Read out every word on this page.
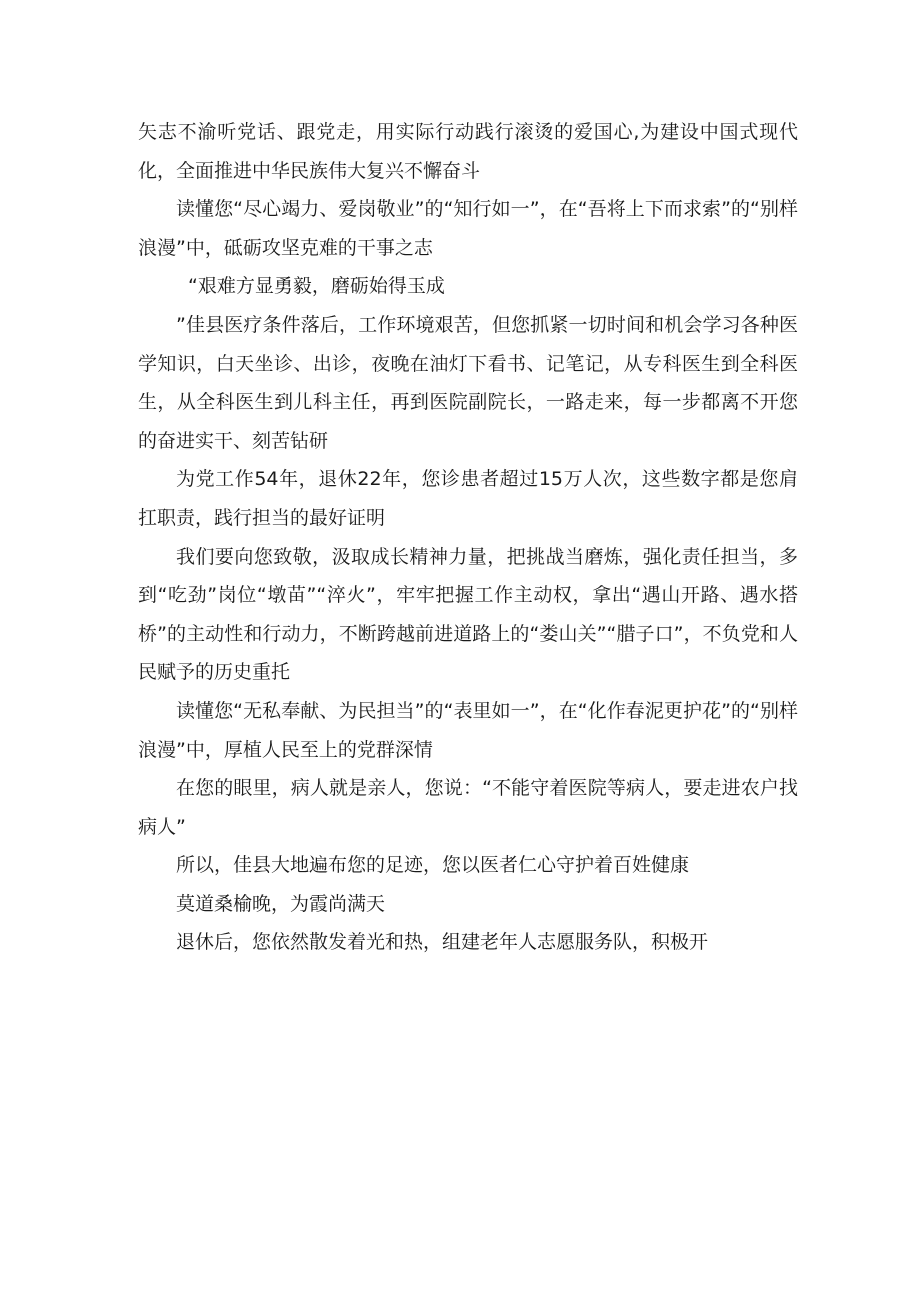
矢志不渝听党话、跟党走，用实际行动践行滚烫的爱国心,为建设中国式现代化，全面推进中华民族伟大复兴不懈奋斗

读懂您“尽心竭力、爱岗敬业”的“知行如一”，在“吾将上下而求索”的“别样浪漫”中，砥砺攻坚克难的干事之志

“艰难方显勇毅，磨砺始得玉成

”佳县医疗条件落后，工作环境艰苦，但您抓紧一切时间和机会学习各种医学知识，白天坐诊、出诊，夜晚在油灯下看书、记笔记，从专科医生到全科医生，从全科医生到儿科主任，再到医院副院长，一路走来，每一步都离不开您的奋进实干、刻苦钻研

为党工作54年，退休22年，您诊患者超过15万人次，这些数字都是您肩扛职责，践行担当的最好证明

我们要向您致敬，汲取成长精神力量，把挑战当磨炼，强化责任担当，多到“吃劲”岗位“墩苗”“淬火”，牢牢把握工作主动权，拿出“遇山开路、遇水搭桥”的主动性和行动力，不断跨越前进道路上的“娄山关”“腊子口”，不负党和人民赋予的历史重托

读懂您“无私奉献、为民担当”的“表里如一”，在“化作春泥更护花”的“别样浪漫”中，厚植人民至上的党群深情

在您的眼里，病人就是亲人，您说：“不能守着医院等病人，要走进农户找病人”

所以，佳县大地遍布您的足迹，您以医者仁心守护着百姓健康

莫道桑榆晚，为霞尚满天

退休后，您依然散发着光和热，组建老年人志愿服务队，积极开
